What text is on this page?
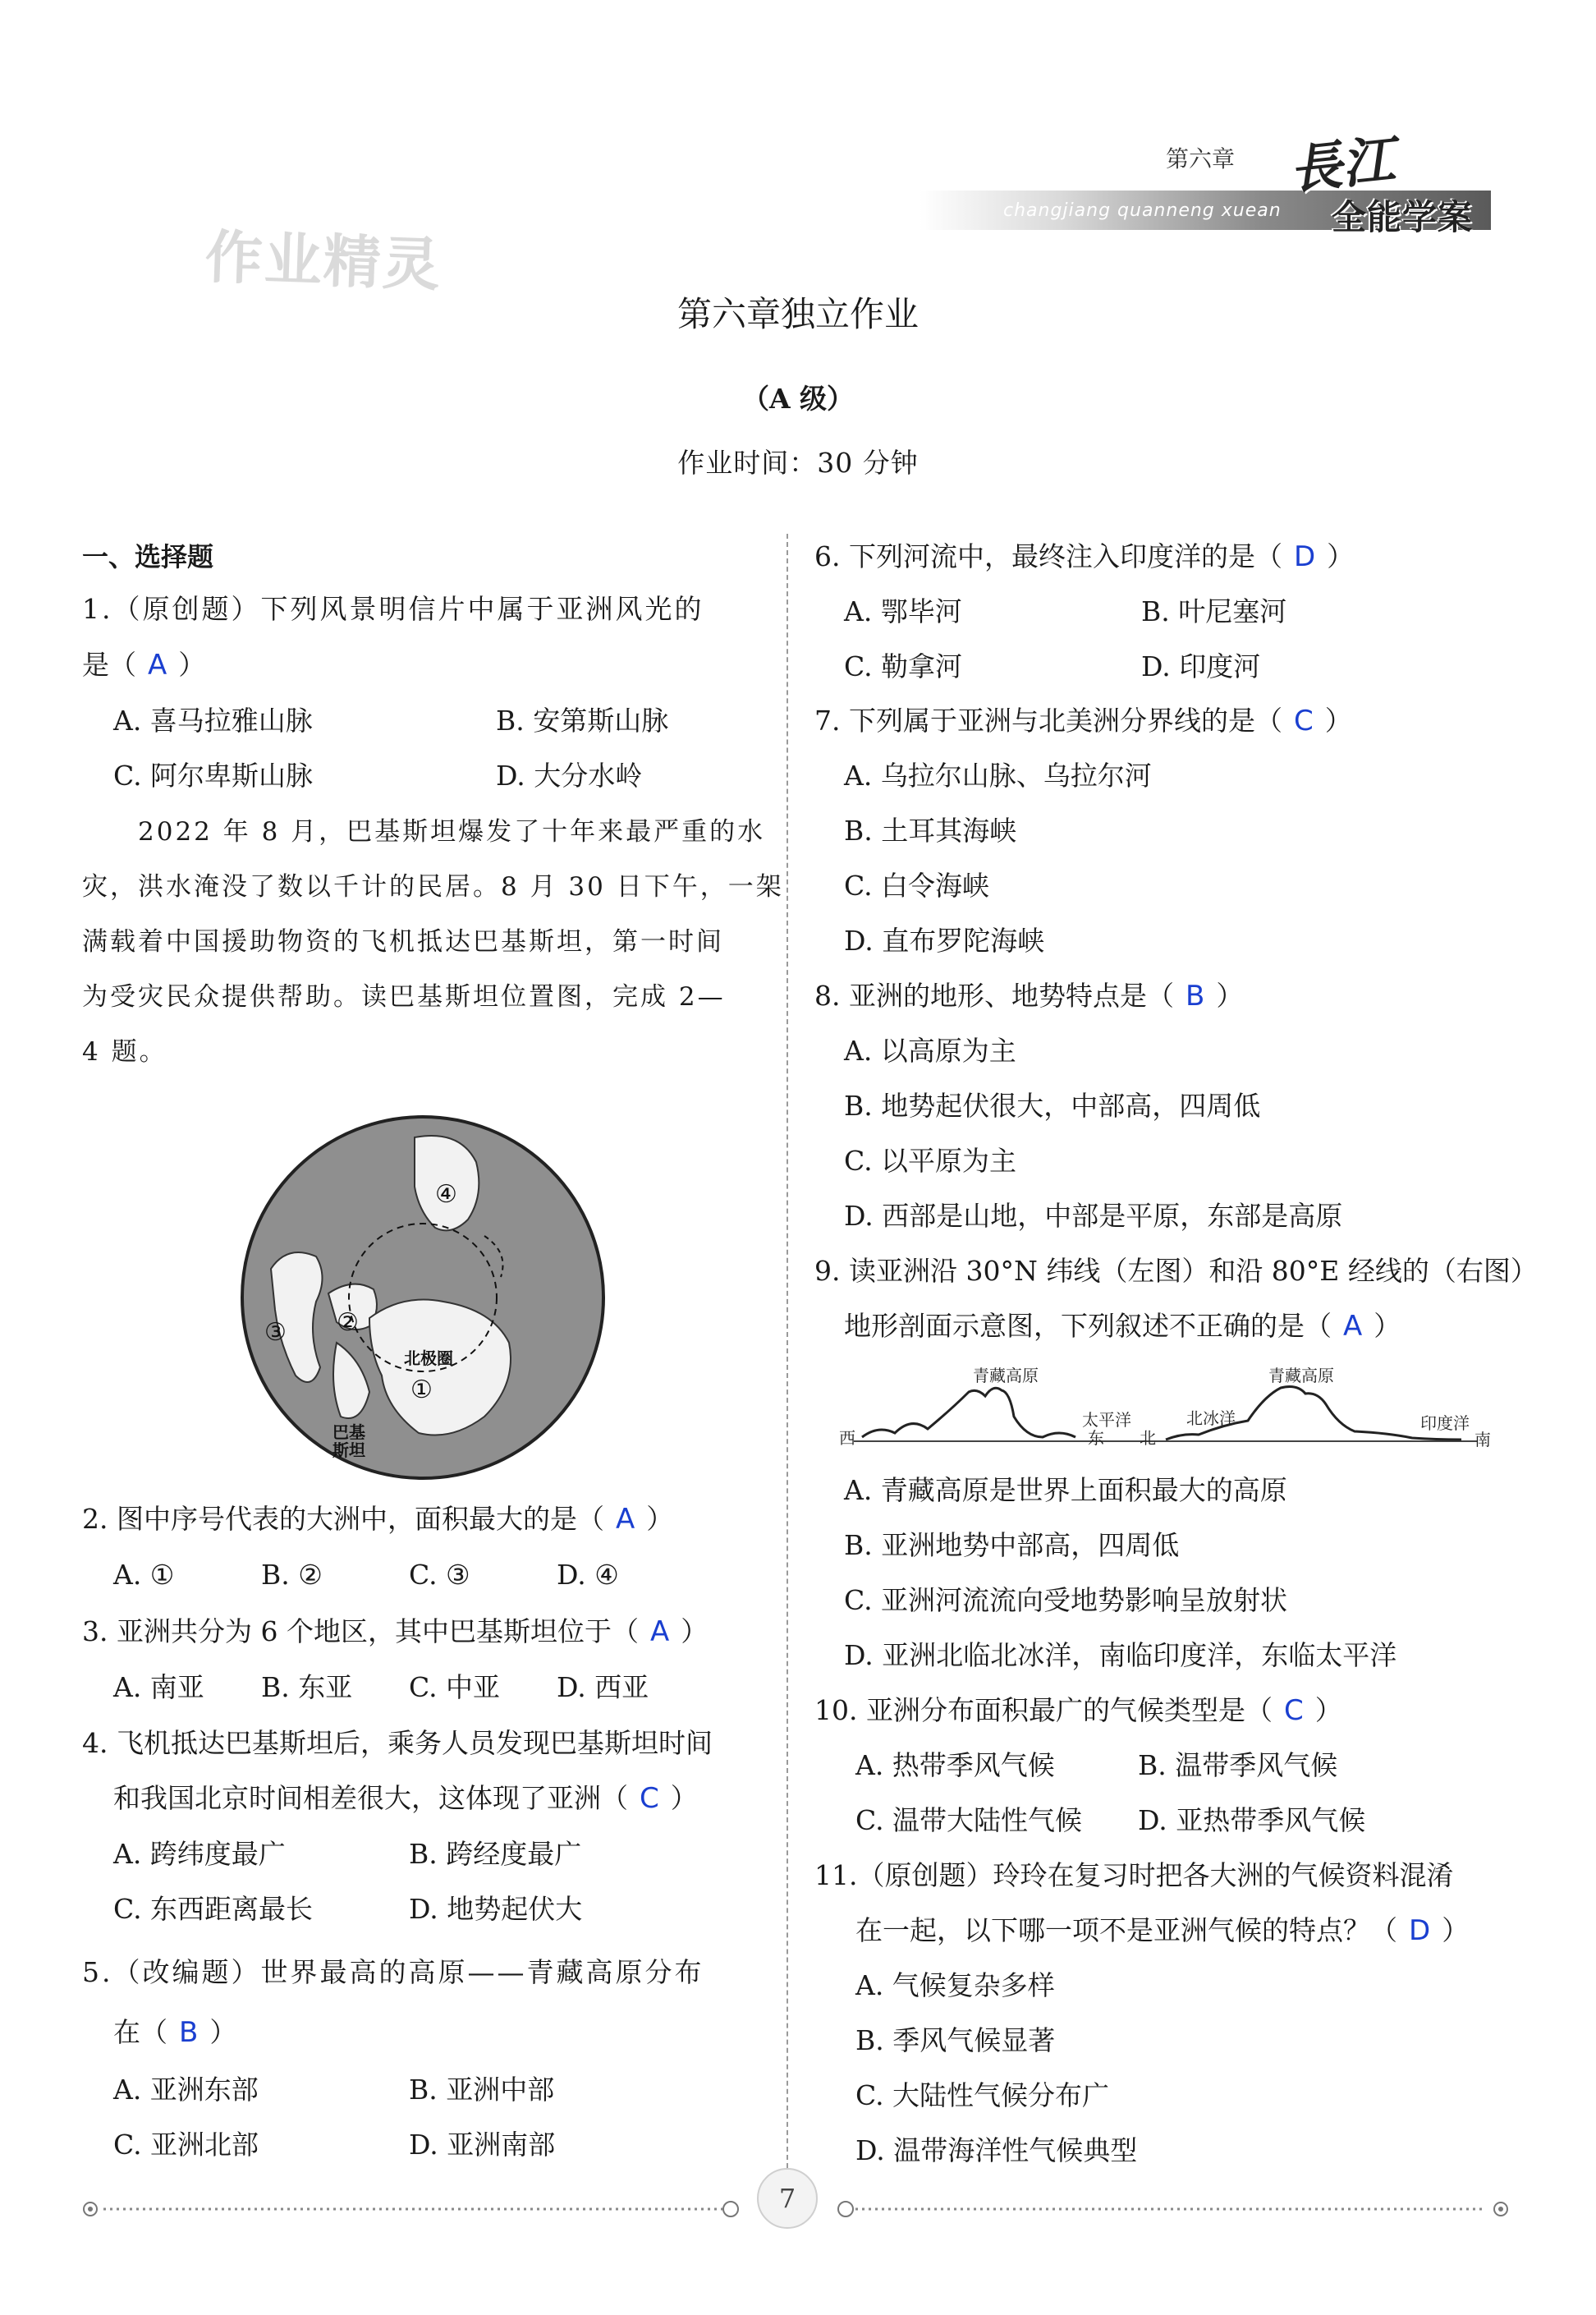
第六章
changjiang quanneng xuean
長江
全能学案
作业精灵
第六章独立作业
（A 级）
作业时间：30 分钟
一、选择题
1.（原创题）下列风景明信片中属于亚洲风光的
是（ A ）
A. 喜马拉雅山脉	B. 安第斯山脉
C. 阿尔卑斯山脉	D. 大分水岭
2022 年 8 月，巴基斯坦爆发了十年来最严重的水
灾，洪水淹没了数以千计的民居。8 月 30 日下午，一架
满载着中国援助物资的飞机抵达巴基斯坦，第一时间
为受灾民众提供帮助。读巴基斯坦位置图，完成 2—
4 题。
④
②
③
①
北极圈
巴基
斯坦
2. 图中序号代表的大洲中，面积最大的是（ A ）
A. ①	B. ②	C. ③	D. ④
3. 亚洲共分为 6 个地区，其中巴基斯坦位于（ A ）
A. 南亚 B. 东亚 C. 中亚 D. 西亚
4. 飞机抵达巴基斯坦后，乘务人员发现巴基斯坦时间
和我国北京时间相差很大，这体现了亚洲（ C ）
A. 跨纬度最广	B. 跨经度最广
C. 东西距离最长	D. 地势起伏大
5.（改编题）世界最高的高原——青藏高原分布
在（ B ）
A. 亚洲东部	B. 亚洲中部
C. 亚洲北部	D. 亚洲南部
6. 下列河流中，最终注入印度洋的是（ D ）
A. 鄂毕河	B. 叶尼塞河
C. 勒拿河	D. 印度河
7. 下列属于亚洲与北美洲分界线的是（ C ）
A. 乌拉尔山脉、乌拉尔河
B. 土耳其海峡
C. 白令海峡
D. 直布罗陀海峡
8. 亚洲的地形、地势特点是（ B ）
A. 以高原为主
B. 地势起伏很大，中部高，四周低
C. 以平原为主
D. 西部是山地，中部是平原，东部是高原
9. 读亚洲沿 30°N 纬线（左图）和沿 80°E 经线的（右图）
地形剖面示意图，下列叙述不正确的是（ A ）
西	东 北	南
青藏高原	青藏高原
太平洋	北冰洋	印度洋
A. 青藏高原是世界上面积最大的高原
B. 亚洲地势中部高，四周低
C. 亚洲河流流向受地势影响呈放射状
D. 亚洲北临北冰洋，南临印度洋，东临太平洋
10. 亚洲分布面积最广的气候类型是（ C ）
A. 热带季风气候	B. 温带季风气候
C. 温带大陆性气候 D. 亚热带季风气候
11.（原创题）玲玲在复习时把各大洲的气候资料混淆
在一起，以下哪一项不是亚洲气候的特点？（ D ）
A. 气候复杂多样
B. 季风气候显著
C. 大陆性气候分布广
D. 温带海洋性气候典型
7
